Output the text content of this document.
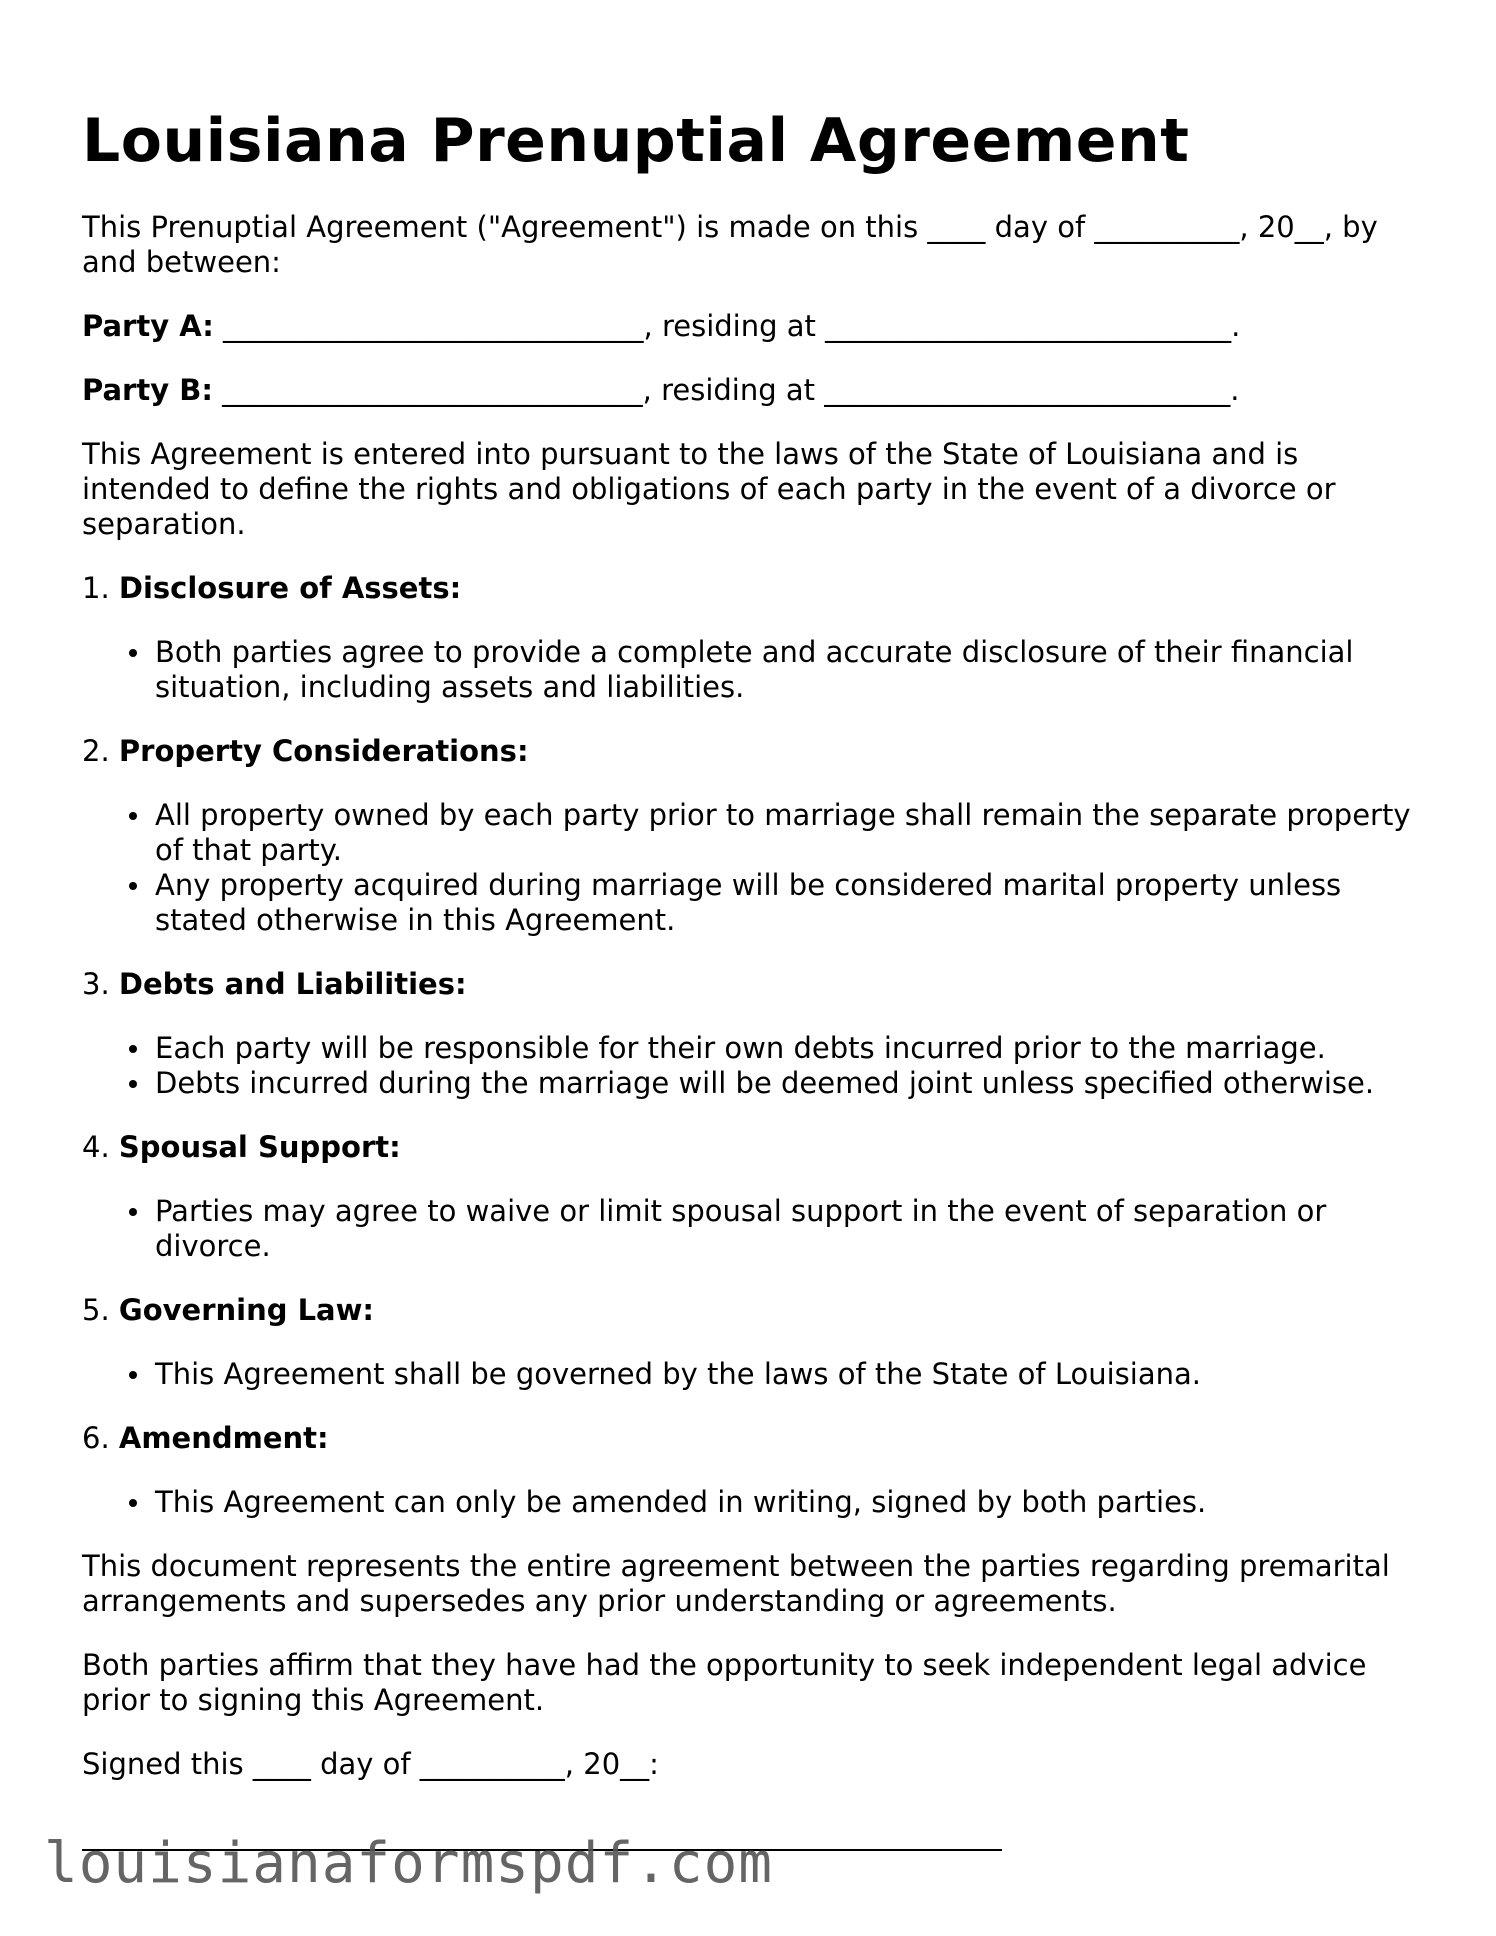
Louisiana Prenuptial Agreement

This Prenuptial Agreement ("Agreement") is made on this ____ day of __________, 20__, by and between:

Party A: _____________________________, residing at ____________________________.

Party B: _____________________________, residing at ____________________________.

This Agreement is entered into pursuant to the laws of the State of Louisiana and is intended to define the rights and obligations of each party in the event of a divorce or separation.

1. Disclosure of Assets:
Both parties agree to provide a complete and accurate disclosure of their financial situation, including assets and liabilities.
2. Property Considerations:
All property owned by each party prior to marriage shall remain the separate property of that party.
Any property acquired during marriage will be considered marital property unless stated otherwise in this Agreement.
3. Debts and Liabilities:
Each party will be responsible for their own debts incurred prior to the marriage.
Debts incurred during the marriage will be deemed joint unless specified otherwise.
4. Spousal Support:
Parties may agree to waive or limit spousal support in the event of separation or divorce.
5. Governing Law:
This Agreement shall be governed by the laws of the State of Louisiana.
6. Amendment:
This Agreement can only be amended in writing, signed by both parties.

This document represents the entire agreement between the parties regarding premarital arrangements and supersedes any prior understanding or agreements.

Both parties affirm that they have had the opportunity to seek independent legal advice prior to signing this Agreement.

Signed this ____ day of __________, 20__:

louisianaformspdf.com
